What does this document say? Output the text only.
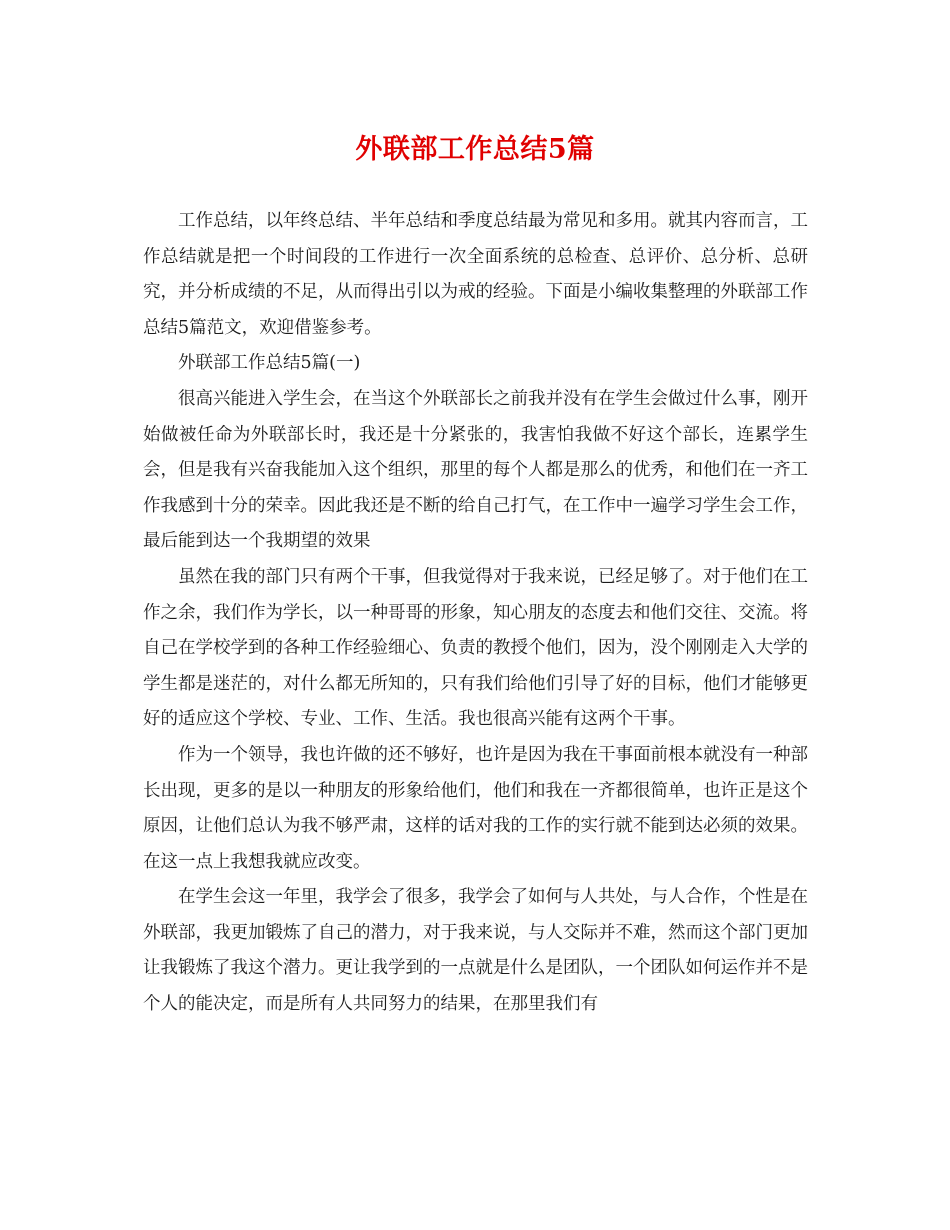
外联部工作总结5篇

工作总结，以年终总结、半年总结和季度总结最为常见和多用。就其内容而言，工作总结就是把一个时间段的工作进行一次全面系统的总检查、总评价、总分析、总研究，并分析成绩的不足，从而得出引以为戒的经验。下面是小编收集整理的外联部工作总结5篇范文，欢迎借鉴参考。

外联部工作总结5篇(一)

很高兴能进入学生会，在当这个外联部长之前我并没有在学生会做过什么事，刚开始做被任命为外联部长时，我还是十分紧张的，我害怕我做不好这个部长，连累学生会，但是我有兴奋我能加入这个组织，那里的每个人都是那么的优秀，和他们在一齐工作我感到十分的荣幸。因此我还是不断的给自己打气，在工作中一遍学习学生会工作，最后能到达一个我期望的效果

虽然在我的部门只有两个干事，但我觉得对于我来说，已经足够了。对于他们在工作之余，我们作为学长，以一种哥哥的形象，知心朋友的态度去和他们交往、交流。将自己在学校学到的各种工作经验细心、负责的教授个他们，因为，没个刚刚走入大学的学生都是迷茫的，对什么都无所知的，只有我们给他们引导了好的目标，他们才能够更好的适应这个学校、专业、工作、生活。我也很高兴能有这两个干事。

作为一个领导，我也许做的还不够好，也许是因为我在干事面前根本就没有一种部长出现，更多的是以一种朋友的形象给他们，他们和我在一齐都很简单，也许正是这个原因，让他们总认为我不够严肃，这样的话对我的工作的实行就不能到达必须的效果。在这一点上我想我就应改变。

在学生会这一年里，我学会了很多，我学会了如何与人共处，与人合作，个性是在外联部，我更加锻炼了自己的潜力，对于我来说，与人交际并不难，然而这个部门更加让我锻炼了我这个潜力。更让我学到的一点就是什么是团队，一个团队如何运作并不是个人的能决定，而是所有人共同努力的结果，在那里我们有
